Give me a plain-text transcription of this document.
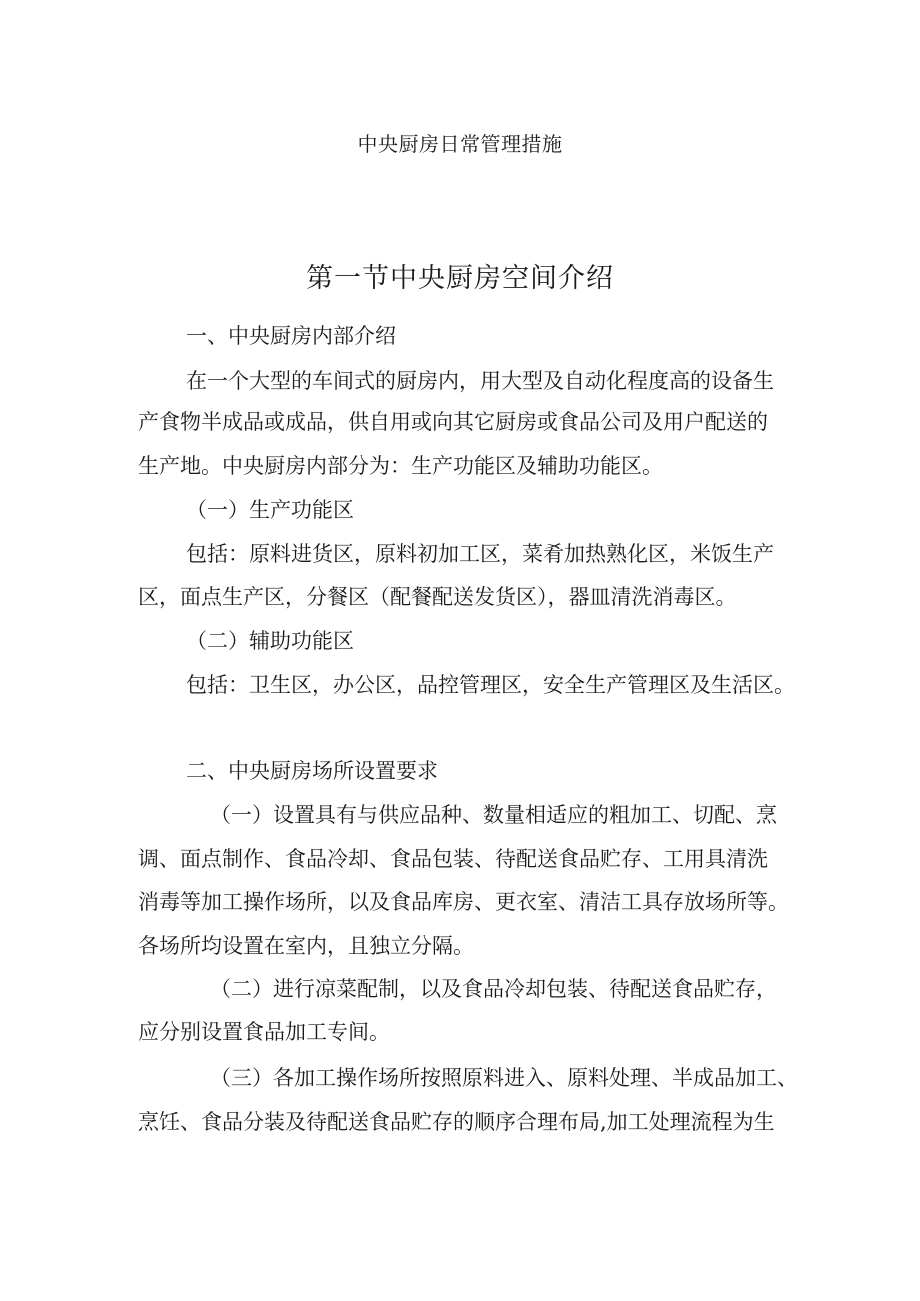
中央厨房日常管理措施

第一节中央厨房空间介绍

一、中央厨房内部介绍

在一个大型的车间式的厨房内，用大型及自动化程度高的设备生

产食物半成品或成品，供自用或向其它厨房或食品公司及用户配送的

生产地。中央厨房内部分为：生产功能区及辅助功能区。

（一）生产功能区

包括：原料进货区，原料初加工区，菜肴加热熟化区，米饭生产

区，面点生产区，分餐区（配餐配送发货区），器皿清洗消毒区。

（二）辅助功能区

包括：卫生区，办公区，品控管理区，安全生产管理区及生活区。

二、中央厨房场所设置要求

（一）设置具有与供应品种、数量相适应的粗加工、切配、烹

调、面点制作、食品冷却、食品包装、待配送食品贮存、工用具清洗

消毒等加工操作场所，以及食品库房、更衣室、清洁工具存放场所等。

各场所均设置在室内，且独立分隔。

（二）进行凉菜配制，以及食品冷却包装、待配送食品贮存，

应分别设置食品加工专间。

（三）各加工操作场所按照原料进入、原料处理、半成品加工、

烹饪、食品分装及待配送食品贮存的顺序合理布局,加工处理流程为生
